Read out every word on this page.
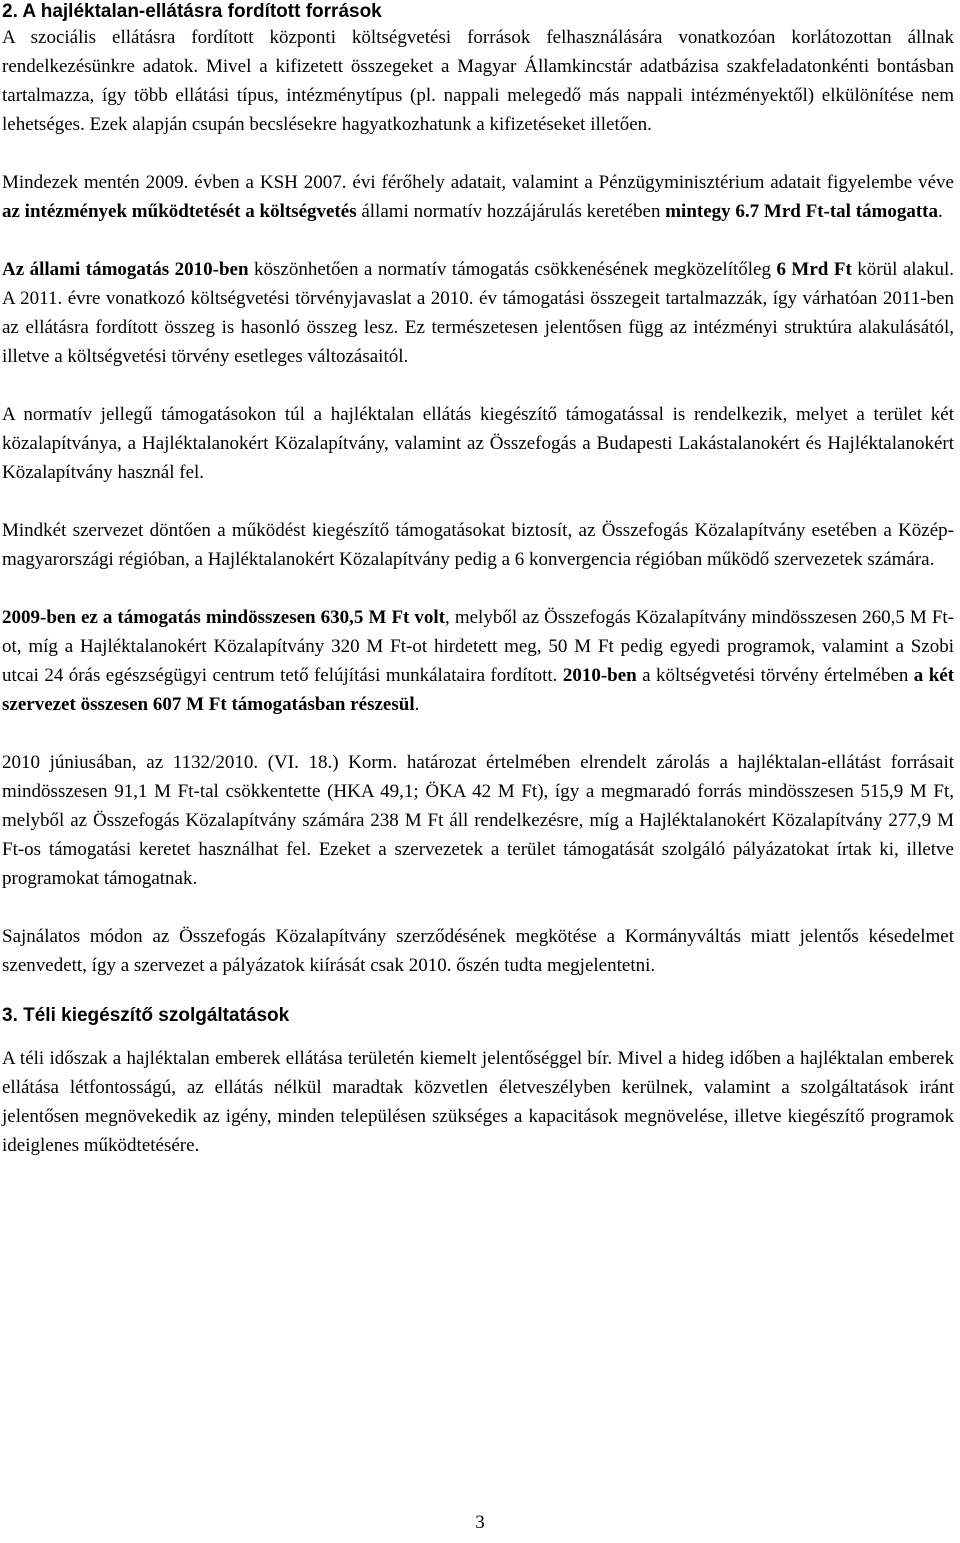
2. A hajléktalan-ellátásra fordított források

A szociális ellátásra fordított központi költségvetési források felhasználására vonatkozóan korlátozottan állnak rendelkezésünkre adatok. Mivel a kifizetett összegeket a Magyar Államkincstár adatbázisa szakfeladatonkénti bontásban tartalmazza, így több ellátási típus, intézménytípus (pl. nappali melegedő más nappali intézményektől) elkülönítése nem lehetséges. Ezek alapján csupán becslésekre hagyatkozhatunk a kifizetéseket illetően.

Mindezek mentén 2009. évben a KSH 2007. évi férőhely adatait, valamint a Pénzügyminisztérium adatait figyelembe véve az intézmények működtetését a költségvetés állami normatív hozzájárulás keretében mintegy 6.7 Mrd Ft-tal támogatta.

Az állami támogatás 2010-ben köszönhetően a normatív támogatás csökkenésének megközelítőleg 6 Mrd Ft körül alakul. A 2011. évre vonatkozó költségvetési törvényjavaslat a 2010. év támogatási összegeit tartalmazzák, így várhatóan 2011-ben az ellátásra fordított összeg is hasonló összeg lesz. Ez természetesen jelentősen függ az intézményi struktúra alakulásától, illetve a költségvetési törvény esetleges változásaitól.

A normatív jellegű támogatásokon túl a hajléktalan ellátás kiegészítő támogatással is rendelkezik, melyet a terület két közalapítványa, a Hajléktalanokért Közalapítvány, valamint az Összefogás a Budapesti Lakástalanokért és Hajléktalanokért Közalapítvány használ fel.

Mindkét szervezet döntően a működést kiegészítő támogatásokat biztosít, az Összefogás Közalapítvány esetében a Közép-magyarországi régióban, a Hajléktalanokért Közalapítvány pedig a 6 konvergencia régióban működő szervezetek számára.

2009-ben ez a támogatás mindösszesen 630,5 M Ft volt, melyből az Összefogás Közalapítvány mindösszesen 260,5 M Ft-ot, míg a Hajléktalanokért Közalapítvány 320 M Ft-ot hirdetett meg, 50 M Ft pedig egyedi programok, valamint a Szobi utcai 24 órás egészségügyi centrum tető felújítási munkálataira fordított. 2010-ben a költségvetési törvény értelmében a két szervezet összesen 607 M Ft támogatásban részesül.

2010 júniusában, az 1132/2010. (VI. 18.) Korm. határozat értelmében elrendelt zárolás a hajléktalan-ellátást forrásait mindösszesen 91,1 M Ft-tal csökkentette (HKA 49,1; ÖKA 42 M Ft), így a megmaradó forrás mindösszesen 515,9 M Ft, melyből az Összefogás Közalapítvány számára 238 M Ft áll rendelkezésre, míg a Hajléktalanokért Közalapítvány 277,9 M Ft-os támogatási keretet használhat fel. Ezeket a szervezetek a terület támogatását szolgáló pályázatokat írtak ki, illetve programokat támogatnak.

Sajnálatos módon az Összefogás Közalapítvány szerződésének megkötése a Kormányváltás miatt jelentős késedelmet szenvedett, így a szervezet a pályázatok kiírását csak 2010. őszén tudta megjelentetni.

3. Téli kiegészítő szolgáltatások

A téli időszak a hajléktalan emberek ellátása területén kiemelt jelentőséggel bír. Mivel a hideg időben a hajléktalan emberek ellátása létfontosságú, az ellátás nélkül maradtak közvetlen életveszélyben kerülnek, valamint a szolgáltatások iránt jelentősen megnövekedik az igény, minden településen szükséges a kapacitások megnövelése, illetve kiegészítő programok ideiglenes működtetésére.

3
